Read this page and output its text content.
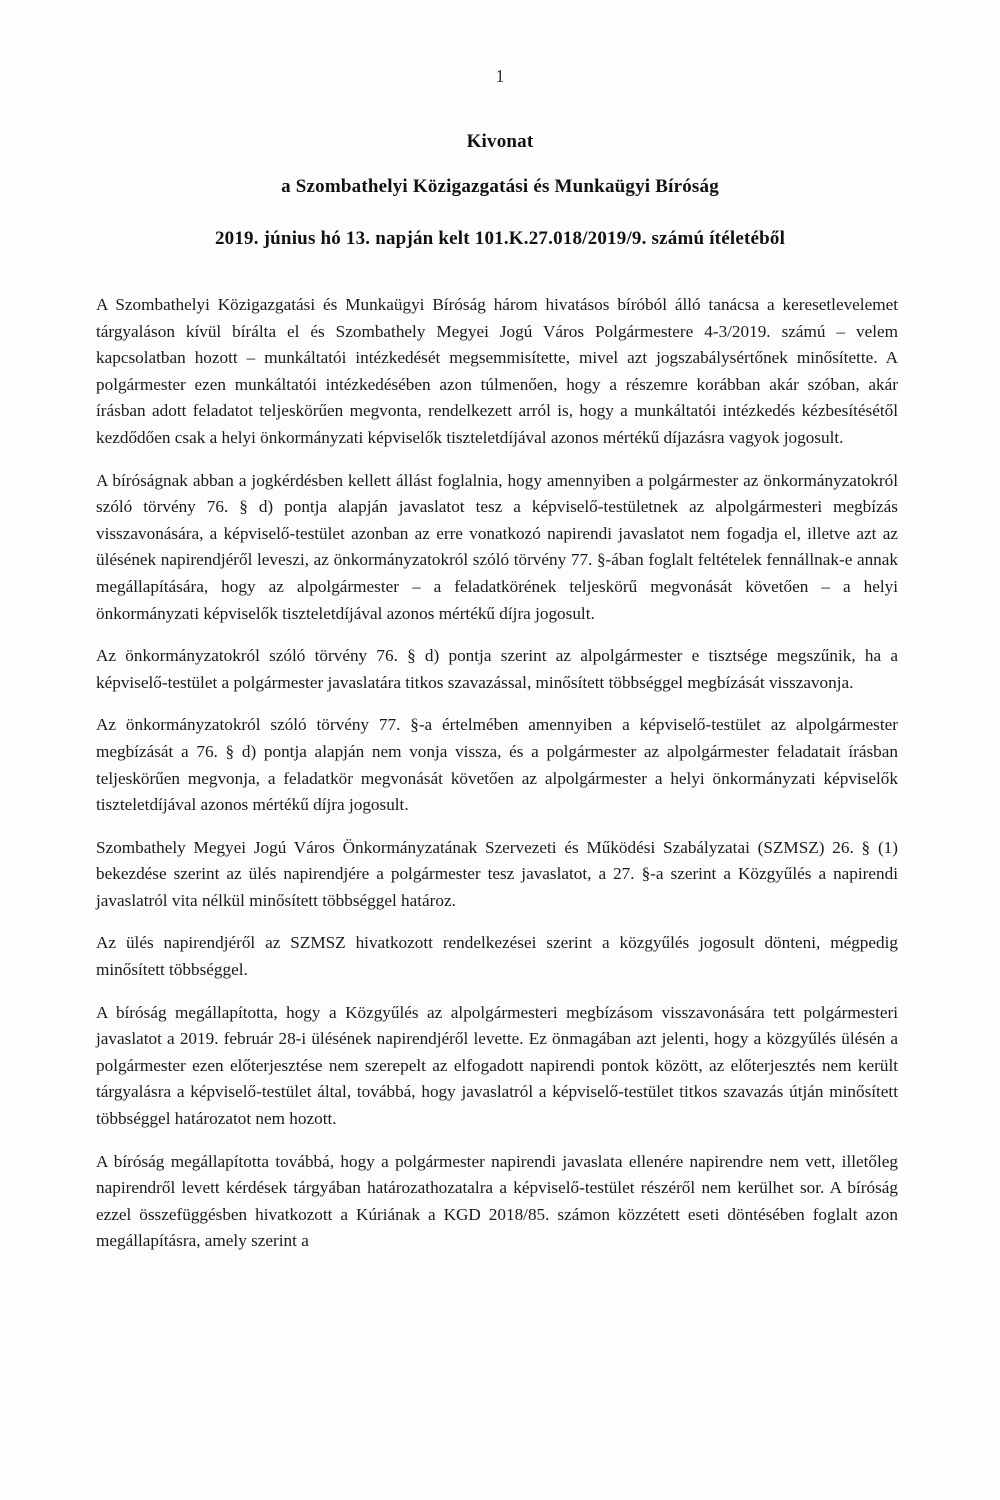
1
Kivonat
a Szombathelyi Közigazgatási és Munkaügyi Bíróság
2019. június hó 13. napján kelt 101.K.27.018/2019/9. számú ítéletéből

A Szombathelyi Közigazgatási és Munkaügyi Bíróság három hivatásos bíróból álló tanácsa a keresetlevelemet tárgyaláson kívül bírálta el és Szombathely Megyei Jogú Város Polgármestere 4-3/2019. számú – velem kapcsolatban hozott – munkáltatói intézkedését megsemmisítette, mivel azt jogszabálysértőnek minősítette. A polgármester ezen munkáltatói intézkedésében azon túlmenően, hogy a részemre korábban akár szóban, akár írásban adott feladatot teljeskörűen megvonta, rendelkezett arról is, hogy a munkáltatói intézkedés kézbesítésétől kezdődően csak a helyi önkormányzati képviselők tiszteletdíjával azonos mértékű díjazásra vagyok jogosult.

A bíróságnak abban a jogkérdésben kellett állást foglalnia, hogy amennyiben a polgármester az önkormányzatokról szóló törvény 76. § d) pontja alapján javaslatot tesz a képviselő-testületnek az alpolgármesteri megbízás visszavonására, a képviselő-testület azonban az erre vonatkozó napirendi javaslatot nem fogadja el, illetve azt az ülésének napirendjéről leveszi, az önkormányzatokról szóló törvény 77. §-ában foglalt feltételek fennállnak-e annak megállapítására, hogy az alpolgármester – a feladatkörének teljeskörű megvonását követően – a helyi önkormányzati képviselők tiszteletdíjával azonos mértékű díjra jogosult.

Az önkormányzatokról szóló törvény 76. § d) pontja szerint az alpolgármester e tisztsége megszűnik, ha a képviselő-testület a polgármester javaslatára titkos szavazással, minősített többséggel megbízását visszavonja.

Az önkormányzatokról szóló törvény 77. §-a értelmében amennyiben a képviselő-testület az alpolgármester megbízását a 76. § d) pontja alapján nem vonja vissza, és a polgármester az alpolgármester feladatait írásban teljeskörűen megvonja, a feladatkör megvonását követően az alpolgármester a helyi önkormányzati képviselők tiszteletdíjával azonos mértékű díjra jogosult.

Szombathely Megyei Jogú Város Önkormányzatának Szervezeti és Működési Szabályzatai (SZMSZ) 26. § (1) bekezdése szerint az ülés napirendjére a polgármester tesz javaslatot, a 27. §-a szerint a Közgyűlés a napirendi javaslatról vita nélkül minősített többséggel határoz.

Az ülés napirendjéről az SZMSZ hivatkozott rendelkezései szerint a közgyűlés jogosult dönteni, mégpedig minősített többséggel.

A bíróság megállapította, hogy a Közgyűlés az alpolgármesteri megbízásom visszavonására tett polgármesteri javaslatot a 2019. február 28-i ülésének napirendjéről levette. Ez önmagában azt jelenti, hogy a közgyűlés ülésén a polgármester ezen előterjesztése nem szerepelt az elfogadott napirendi pontok között, az előterjesztés nem került tárgyalásra a képviselő-testület által, továbbá, hogy javaslatról a képviselő-testület titkos szavazás útján minősített többséggel határozatot nem hozott.

A bíróság megállapította továbbá, hogy a polgármester napirendi javaslata ellenére napirendre nem vett, illetőleg napirendről levett kérdések tárgyában határozathozatalra a képviselő-testület részéről nem kerülhet sor. A bíróság ezzel összefüggésben hivatkozott a Kúriának a KGD 2018/85. számon közzétett eseti döntésében foglalt azon megállapításra, amely szerint a
